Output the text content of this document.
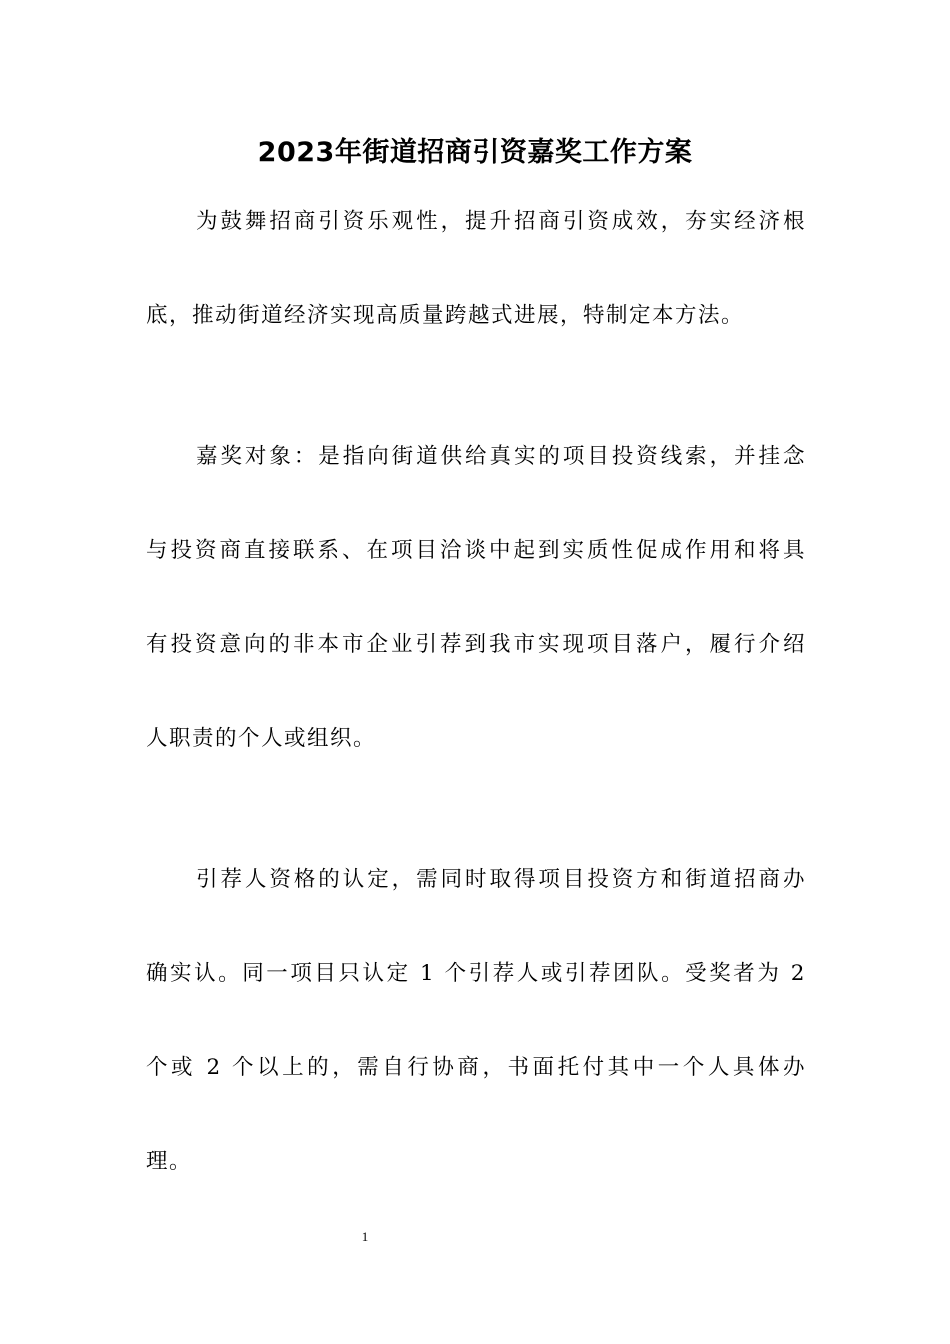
2023年街道招商引资嘉奖工作方案
为鼓舞招商引资乐观性，提升招商引资成效，夯实经济根
底，推动街道经济实现高质量跨越式进展，特制定本方法。
嘉奖对象：是指向街道供给真实的项目投资线索，并挂念
与投资商直接联系、在项目洽谈中起到实质性促成作用和将具
有投资意向的非本市企业引荐到我市实现项目落户，履行介绍
人职责的个人或组织。
引荐人资格的认定，需同时取得项目投资方和街道招商办
确实认。同一项目只认定 1 个引荐人或引荐团队。受奖者为 2
个或 2 个以上的，需自行协商，书面托付其中一个人具体办
理。
1
